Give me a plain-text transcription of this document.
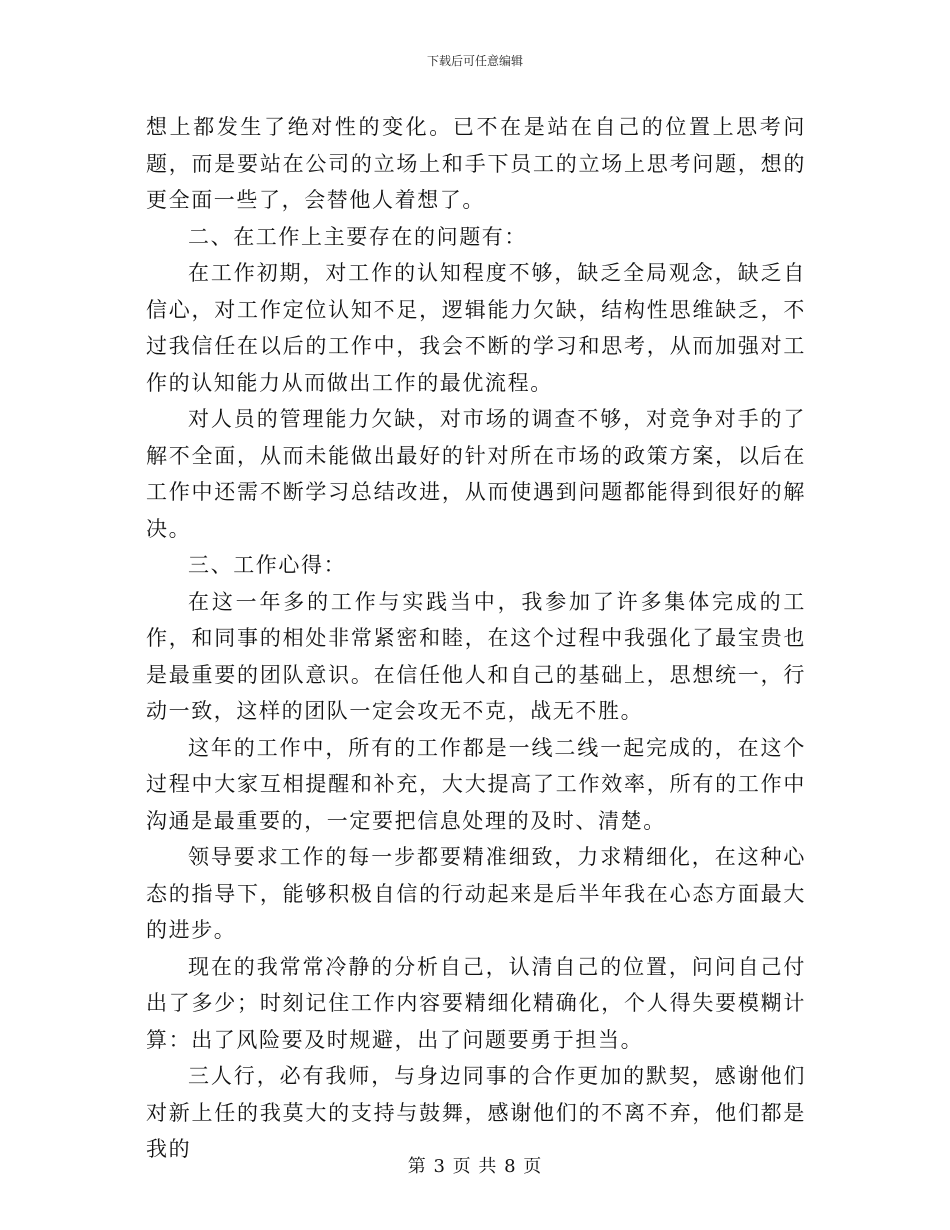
下载后可任意编辑

想上都发生了绝对性的变化。已不在是站在自己的位置上思考问题，而是要站在公司的立场上和手下员工的立场上思考问题，想的更全面一些了，会替他人着想了。

二、在工作上主要存在的问题有：

在工作初期，对工作的认知程度不够，缺乏全局观念，缺乏自信心，对工作定位认知不足，逻辑能力欠缺，结构性思维缺乏，不过我信任在以后的工作中，我会不断的学习和思考，从而加强对工作的认知能力从而做出工作的最优流程。

对人员的管理能力欠缺，对市场的调查不够，对竞争对手的了解不全面，从而未能做出最好的针对所在市场的政策方案，以后在工作中还需不断学习总结改进，从而使遇到问题都能得到很好的解决。

三、工作心得：

在这一年多的工作与实践当中，我参加了许多集体完成的工作，和同事的相处非常紧密和睦，在这个过程中我强化了最宝贵也是最重要的团队意识。在信任他人和自己的基础上，思想统一，行动一致，这样的团队一定会攻无不克，战无不胜。

这年的工作中，所有的工作都是一线二线一起完成的，在这个过程中大家互相提醒和补充，大大提高了工作效率，所有的工作中沟通是最重要的，一定要把信息处理的及时、清楚。

领导要求工作的每一步都要精准细致，力求精细化，在这种心态的指导下，能够积极自信的行动起来是后半年我在心态方面最大的进步。

现在的我常常冷静的分析自己，认清自己的位置，问问自己付出了多少；时刻记住工作内容要精细化精确化，个人得失要模糊计算：出了风险要及时规避，出了问题要勇于担当。

三人行，必有我师，与身边同事的合作更加的默契，感谢他们对新上任的我莫大的支持与鼓舞，感谢他们的不离不弃，他们都是我的

第 3 页 共 8 页
